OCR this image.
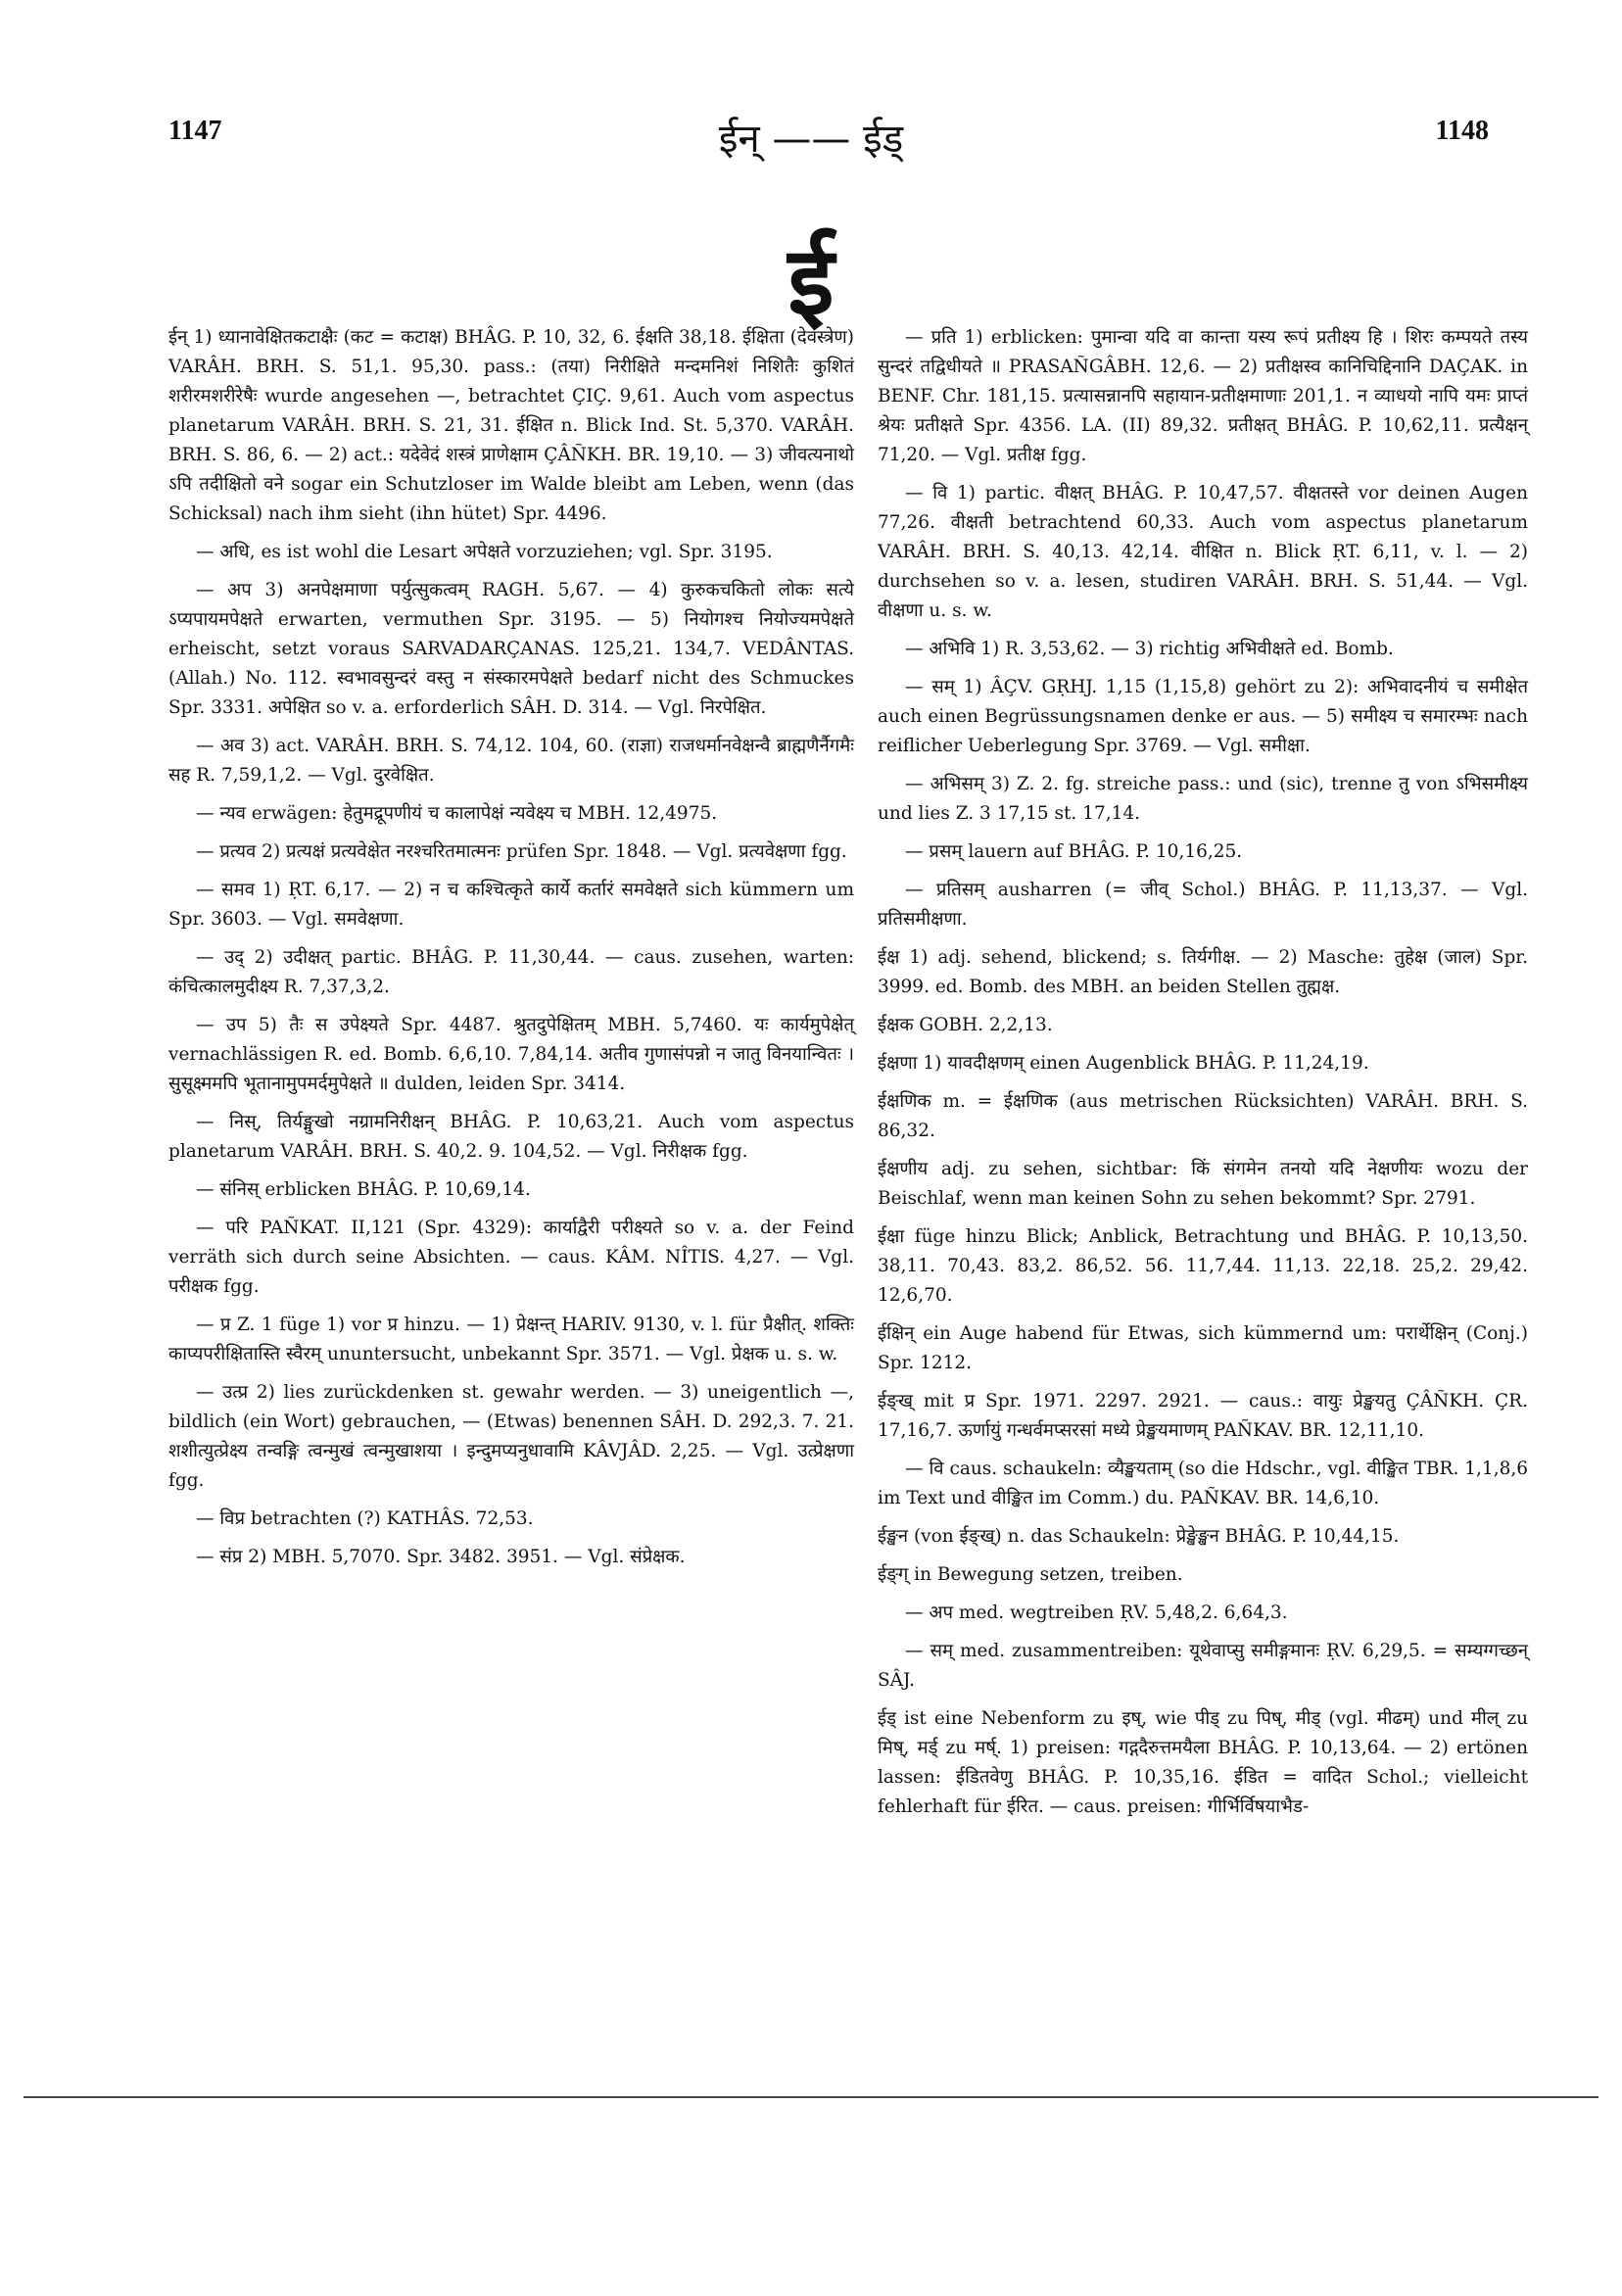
1147	ईन् —— ईड्	1148
ई

ईन् 1) ध्यानावेक्षितकटाक्षैः (कट = कटाक्ष) BHÂG. P. 10, 32, 6. ईक्षति 38,18. ईक्षिता (देवस्त्रेण) VARÂH. BRH. S. 51,1. 95,30. pass.: (तया) निरीक्षिते मन्दमनिशं निशितैः कुशितं शरीरमशरीरेषैः wurde angesehen —, betrachtet ÇIÇ. 9,61. Auch vom aspectus planetarum VARÂH. BRH. S. 21, 31. ईक्षित n. Blick Ind. St. 5,370. VARÂH. BRH. S. 86, 6. — 2) act.: यदेवेदं शस्त्रं प्राणेक्षाम ÇÂÑKH. BR. 19,10. — 3) जीवत्यनाथो ऽपि तदीक्षितो वने sogar ein Schutzloser im Walde bleibt am Leben, wenn (das Schicksal) nach ihm sieht (ihn hütet) Spr. 4496.

— अधि, es ist wohl die Lesart अपेक्षते vorzuziehen; vgl. Spr. 3195.

— अप 3) अनपेक्षमाणा पर्युत्सुकत्वम् RAGH. 5,67. — 4) कुरुकचकितो लोकः सत्ये ऽप्यपायमपेक्षते erwarten, vermuthen Spr. 3195. — 5) नियोगश्च नियोज्यमपेक्षते erheischt, setzt voraus SARVADARÇANAS. 125,21. 134,7. VEDÂNTAS. (Allah.) No. 112. स्वभावसुन्दरं वस्तु न संस्कारमपेक्षते bedarf nicht des Schmuckes Spr. 3331. अपेक्षित so v. a. erforderlich SÂH. D. 314. — Vgl. निरपेक्षित.

— अव 3) act. VARÂH. BRH. S. 74,12. 104, 60. (राज्ञा) राजधर्मानवेक्षन्वै ब्राह्मणैर्नैगमैः सह R. 7,59,1,2. — Vgl. दुरवेक्षित.

— न्यव erwägen: हेतुमद्रूपणीयं च कालापेक्षं न्यवेक्ष्य च MBH. 12,4975.

— प्रत्यव 2) प्रत्यक्षं प्रत्यवेक्षेत नरश्चरितमात्मनः prüfen Spr. 1848. — Vgl. प्रत्यवेक्षणा fgg.

— समव 1) ṚT. 6,17. — 2) न च कश्चित्कृते कार्ये कर्तारं समवेक्षते sich kümmern um Spr. 3603. — Vgl. समवेक्षणा.

— उद् 2) उदीक्षत् partic. BHÂG. P. 11,30,44. — caus. zusehen, warten: कंचित्कालमुदीक्ष्य R. 7,37,3,2.

— उप 5) तैः स उपेक्ष्यते Spr. 4487. श्रुतदुपेक्षितम् MBH. 5,7460. यः कार्यमुपेक्षेत् vernachlässigen R. ed. Bomb. 6,6,10. 7,84,14. अतीव गुणासंपन्नो न जातु विनयान्वितः । सुसूक्ष्ममपि भूतानामुपमर्दमुपेक्षते ॥ dulden, leiden Spr. 3414.

— निस्, तिर्यङ्मुखो नग्रामनिरीक्षन् BHÂG. P. 10,63,21. Auch vom aspectus planetarum VARÂH. BRH. S. 40,2. 9. 104,52. — Vgl. निरीक्षक fgg.

— संनिस् erblicken BHÂG. P. 10,69,14.

— परि PAÑKAT. II,121 (Spr. 4329): कार्याद्वैरी परीक्ष्यते so v. a. der Feind verräth sich durch seine Absichten. — caus. KÂM. NÎTIS. 4,27. — Vgl. परीक्षक fgg.

— प्र Z. 1 füge 1) vor प्र hinzu. — 1) प्रेक्षन्त् HARIV. 9130, v. l. für प्रैक्षीत्. शक्तिः काप्यपरीक्षितास्ति स्वैरम् ununtersucht, unbekannt Spr. 3571. — Vgl. प्रेक्षक u. s. w.

— उत्प्र 2) lies zurückdenken st. gewahr werden. — 3) uneigentlich —, bildlich (ein Wort) gebrauchen, — (Etwas) benennen SÂH. D. 292,3. 7. 21. शशीत्युत्प्रेक्ष्य तन्वङ्गि त्वन्मुखं त्वन्मुखाशया । इन्दुमप्यनुधावामि KÂVJÂD. 2,25. — Vgl. उत्प्रेक्षणा fgg.

— विप्र betrachten (?) KATHÂS. 72,53.

— संप्र 2) MBH. 5,7070. Spr. 3482. 3951. — Vgl. संप्रेक्षक.

— प्रति 1) erblicken: पुमान्वा यदि वा कान्ता यस्य रूपं प्रतीक्ष्य हि । शिरः कम्पयते तस्य सुन्दरं तद्विधीयते ॥ PRASAÑGÂBH. 12,6. — 2) प्रतीक्षस्व कानिचिद्दिनानि DAÇAK. in BENF. Chr. 181,15. प्रत्यासन्नानपि सहायान-प्रतीक्षमाणाः 201,1. न व्याधयो नापि यमः प्राप्तं श्रेयः प्रतीक्षते Spr. 4356. LA. (II) 89,32. प्रतीक्षत् BHÂG. P. 10,62,11. प्रत्यैक्षन् 71,20. — Vgl. प्रतीक्ष fgg.

— वि 1) partic. वीक्षत् BHÂG. P. 10,47,57. वीक्षतस्ते vor deinen Augen 77,26. वीक्षती betrachtend 60,33. Auch vom aspectus planetarum VARÂH. BRH. S. 40,13. 42,14. वीक्षित n. Blick ṚT. 6,11, v. l. — 2) durchsehen so v. a. lesen, studiren VARÂH. BRH. S. 51,44. — Vgl. वीक्षणा u. s. w.

— अभिवि 1) R. 3,53,62. — 3) richtig अभिवीक्षते ed. Bomb.

— सम् 1) ÂÇV. GṚHJ. 1,15 (1,15,8) gehört zu 2): अभिवादनीयं च समीक्षेत auch einen Begrüssungsnamen denke er aus. — 5) समीक्ष्य च समारम्भः nach reiflicher Ueberlegung Spr. 3769. — Vgl. समीक्षा.

— अभिसम् 3) Z. 2. fg. streiche pass.: und (sic), trenne तु von ऽभिसमीक्ष्य und lies Z. 3 17,15 st. 17,14.

— प्रसम् lauern auf BHÂG. P. 10,16,25.

— प्रतिसम् ausharren (= जीव् Schol.) BHÂG. P. 11,13,37. — Vgl. प्रतिसमीक्षणा.

ईक्ष 1) adj. sehend, blickend; s. तिर्यगीक्ष. — 2) Masche: तुहेक्ष (जाल) Spr. 3999. ed. Bomb. des MBH. an beiden Stellen तुह्मक्ष.

ईक्षक GOBH. 2,2,13.

ईक्षणा 1) यावदीक्षणम् einen Augenblick BHÂG. P. 11,24,19.

ईक्षणिक m. = ईक्षणिक (aus metrischen Rücksichten) VARÂH. BRH. S. 86,32.

ईक्षणीय adj. zu sehen, sichtbar: किं संगमेन तनयो यदि नेक्षणीयः wozu der Beischlaf, wenn man keinen Sohn zu sehen bekommt? Spr. 2791.

ईक्षा füge hinzu Blick; Anblick, Betrachtung und BHÂG. P. 10,13,50. 38,11. 70,43. 83,2. 86,52. 56. 11,7,44. 11,13. 22,18. 25,2. 29,42. 12,6,70.

ईक्षिन् ein Auge habend für Etwas, sich kümmernd um: परार्थेक्षिन् (Conj.) Spr. 1212.

ईङ्ख् mit प्र Spr. 1971. 2297. 2921. — caus.: वायुः प्रेङ्खयतु ÇÂÑKH. ÇR. 17,16,7. ऊर्णायुं गन्धर्वमप्सरसां मध्ये प्रेङ्खयमाणम् PAÑKAV. BR. 12,11,10.

— वि caus. schaukeln: व्यैङ्खयताम् (so die Hdschr., vgl. वीङ्खित TBR. 1,1,8,6 im Text und वीङ्खित im Comm.) du. PAÑKAV. BR. 14,6,10.

ईङ्खन (von ईङ्ख्) n. das Schaukeln: प्रेङ्खेङ्खन BHÂG. P. 10,44,15.

ईङ्ग् in Bewegung setzen, treiben.

— अप med. wegtreiben ṚV. 5,48,2. 6,64,3.

— सम् med. zusammentreiben: यूथेवाप्सु समीङ्गमानः ṚV. 6,29,5. = सम्यग्गच्छन् SÂJ.

ईड् ist eine Nebenform zu इष्, wie पीड् zu पिष्, मीड् (vgl. मीढम्) und मील् zu मिष्, मर्ड् zu मर्ष्. 1) preisen: गद्गदैरुत्तमयैला BHÂG. P. 10,13,64. — 2) ertönen lassen: ईडितवेणु BHÂG. P. 10,35,16. ईडित = वादित Schol.; vielleicht fehlerhaft für ईरित. — caus. preisen: गीर्भिर्विषयाभैड-
